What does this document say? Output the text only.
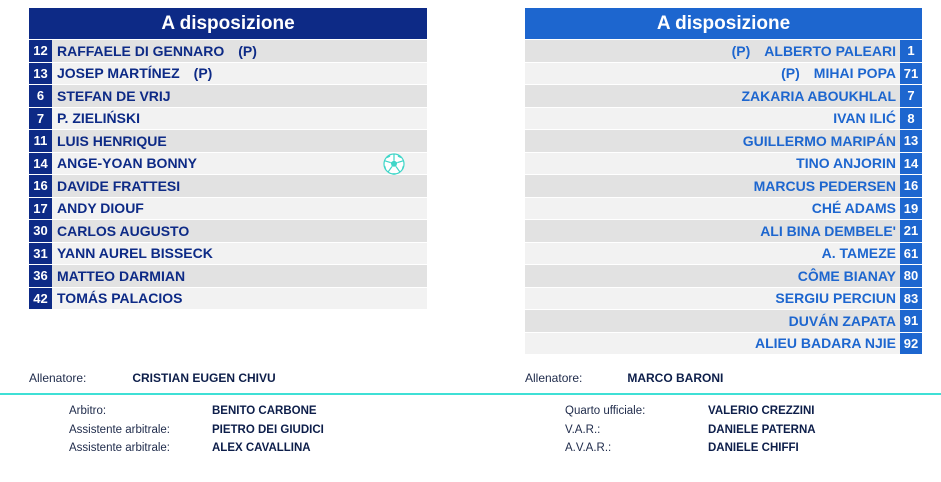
A disposizione
12 RAFFAELE DI GENNARO (P)
13 JOSEP MARTÍNEZ (P)
6 STEFAN DE VRIJ
7 P. ZIELIŃSKI
11 LUIS HENRIQUE
14 ANGE-YOAN BONNY
16 DAVIDE FRATTESI
17 ANDY DIOUF
30 CARLOS AUGUSTO
31 YANN AUREL BISSECK
36 MATTEO DARMIAN
42 TOMÁS PALACIOS
A disposizione
(P) ALBERTO PALEARI 1
(P) MIHAI POPA 71
ZAKARIA ABOUKHLAL 7
IVAN ILIĆ 8
GUILLERMO MARIPÁN 13
TINO ANJORIN 14
MARCUS PEDERSEN 16
CHÉ ADAMS 19
ALI BINA DEMBELE' 21
A. TAMEZE 61
CÔME BIANAY 80
SERGIU PERCIUN 83
DUVÁN ZAPATA 91
ALIEU BADARA NJIE 92
Allenatore:	CRISTIAN EUGEN CHIVU	Allenatore:	MARCO BARONI
Arbitro:	BENITO CARBONE
Assistente arbitrale:	PIETRO DEI GIUDICI
Assistente arbitrale:	ALEX CAVALLINA
Quarto ufficiale:	VALERIO CREZZINI
V.A.R.:	DANIELE PATERNA
A.V.A.R.:	DANIELE CHIFFI
